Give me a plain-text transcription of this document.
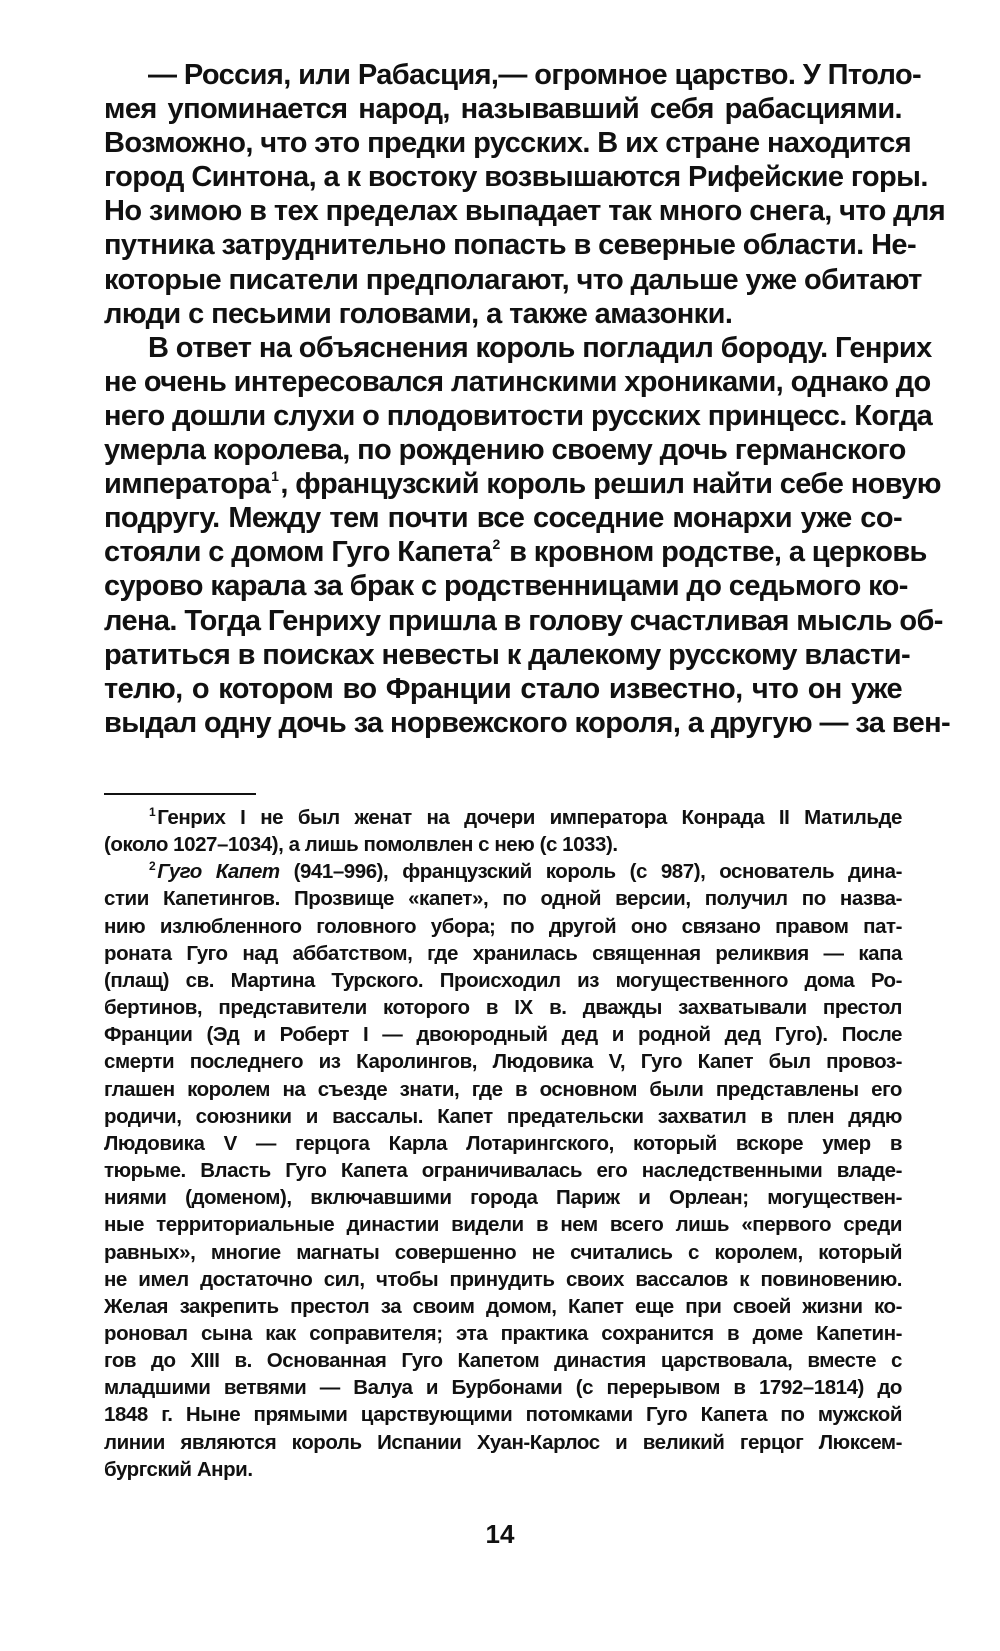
— Россия, или Рабасция,— огромное царство. У Птоло-
мея упоминается народ, называвший себя рабасциями.
Возможно, что это предки русских. В их стране находится
город Синтона, а к востоку возвышаются Рифейские горы.
Но зимою в тех пределах выпадает так много снега, что для
путника затруднительно попасть в северные области. Не-
которые писатели предполагают, что дальше уже обитают
люди с песьими головами, а также амазонки.
В ответ на объяснения король погладил бороду. Генрих
не очень интересовался латинскими хрониками, однако до
него дошли слухи о плодовитости русских принцесс. Когда
умерла королева, по рождению своему дочь германского
императора$^1$, французский король решил найти себе новую
подругу. Между тем почти все соседние монархи уже со-
стояли с домом Гуго Капета$^2$ в кровном родстве, а церковь
сурово карала за брак с родственницами до седьмого ко-
лена. Тогда Генриху пришла в голову счастливая мысль об-
ратиться в поисках невесты к далекому русскому власти-
телю, о котором во Франции стало известно, что он уже
выдал одну дочь за норвежского короля, а другую — за вен-
$^1$Генрих I не был женат на дочери императора Конрада II Матильде
(около 1027–1034), а лишь помолвлен с нею (с 1033).
$^2$Гуго Капет (941–996), французский король (с 987), основатель дина-
стии Капетингов. Прозвище «капет», по одной версии, получил по назва-
нию излюбленного головного убора; по другой оно связано правом пат-
роната Гуго над аббатством, где хранилась священная реликвия — капа
(плащ) св. Мартина Турского. Происходил из могущественного дома Ро-
бертинов, представители которого в IX в. дважды захватывали престол
Франции (Эд и Роберт I — двоюродный дед и родной дед Гуго). После
смерти последнего из Каролингов, Людовика V, Гуго Капет был провоз-
глашен королем на съезде знати, где в основном были представлены его
родичи, союзники и вассалы. Капет предательски захватил в плен дядю
Людовика V — герцога Карла Лотарингского, который вскоре умер в
тюрьме. Власть Гуго Капета ограничивалась его наследственными владе-
ниями (доменом), включавшими города Париж и Орлеан; могуществен-
ные территориальные династии видели в нем всего лишь «первого среди
равных», многие магнаты совершенно не считались с королем, который
не имел достаточно сил, чтобы принудить своих вассалов к повиновению.
Желая закрепить престол за своим домом, Капет еще при своей жизни ко-
роновал сына как соправителя; эта практика сохранится в доме Капетин-
гов до XIII в. Основанная Гуго Капетом династия царствовала, вместе с
младшими ветвями — Валуа и Бурбонами (с перерывом в 1792–1814) до
1848 г. Ныне прямыми царствующими потомками Гуго Капета по мужской
линии являются король Испании Хуан-Карлос и великий герцог Люксем-
бургский Анри.
14
